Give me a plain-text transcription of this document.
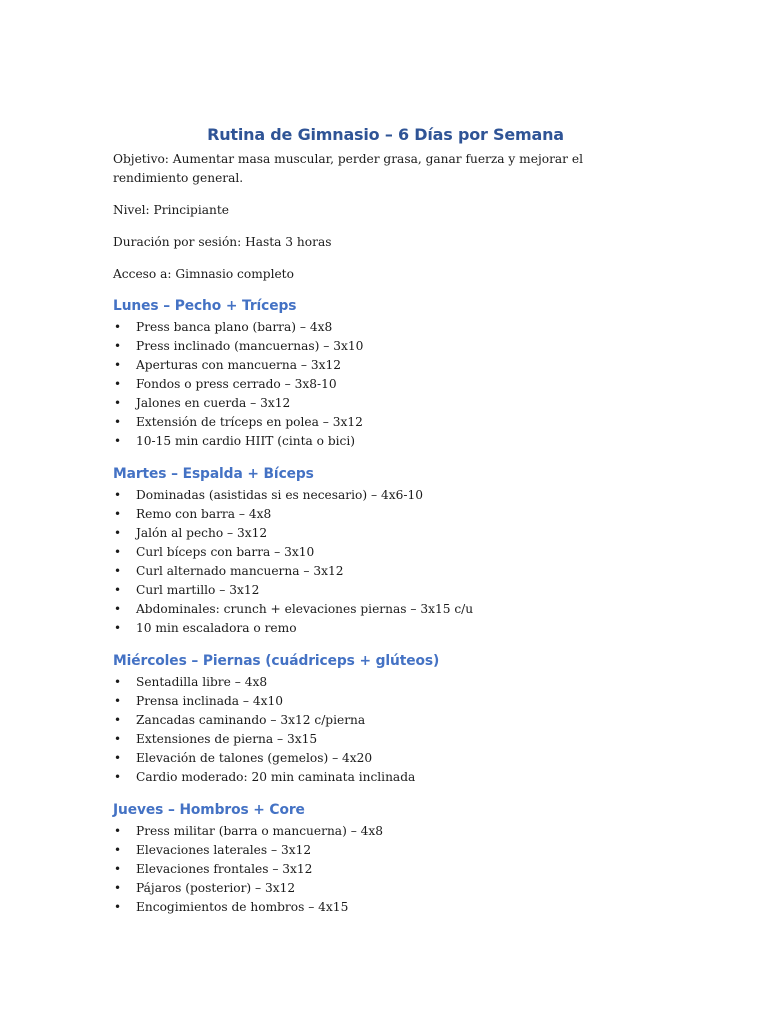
Rutina de Gimnasio – 6 Días por Semana

Objetivo: Aumentar masa muscular, perder grasa, ganar fuerza y mejorar el rendimiento general.

Nivel: Principiante

Duración por sesión: Hasta 3 horas

Acceso a: Gimnasio completo

Lunes – Pecho + Tríceps
• Press banca plano (barra) – 4x8
• Press inclinado (mancuernas) – 3x10
• Aperturas con mancuerna – 3x12
• Fondos o press cerrado – 3x8-10
• Jalones en cuerda – 3x12
• Extensión de tríceps en polea – 3x12
• 10-15 min cardio HIIT (cinta o bici)
Martes – Espalda + Bíceps
• Dominadas (asistidas si es necesario) – 4x6-10
• Remo con barra – 4x8
• Jalón al pecho – 3x12
• Curl bíceps con barra – 3x10
• Curl alternado mancuerna – 3x12
• Curl martillo – 3x12
• Abdominales: crunch + elevaciones piernas – 3x15 c/u
• 10 min escaladora o remo
Miércoles – Piernas (cuádriceps + glúteos)
• Sentadilla libre – 4x8
• Prensa inclinada – 4x10
• Zancadas caminando – 3x12 c/pierna
• Extensiones de pierna – 3x15
• Elevación de talones (gemelos) – 4x20
• Cardio moderado: 20 min caminata inclinada
Jueves – Hombros + Core
• Press militar (barra o mancuerna) – 4x8
• Elevaciones laterales – 3x12
• Elevaciones frontales – 3x12
• Pájaros (posterior) – 3x12
• Encogimientos de hombros – 4x15
